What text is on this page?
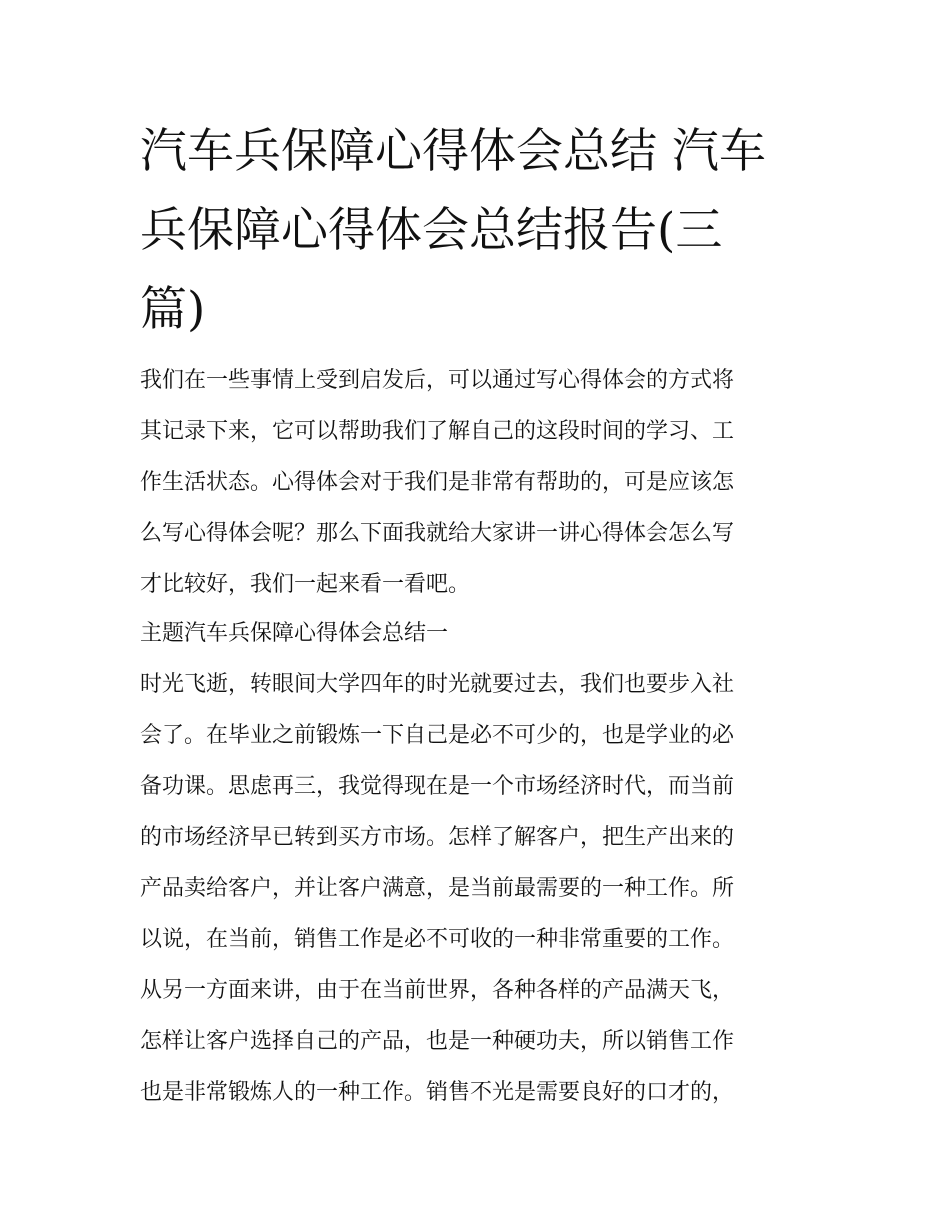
汽车兵保障心得体会总结 汽车
兵保障心得体会总结报告(三
篇)
我们在一些事情上受到启发后，可以通过写心得体会的方式将
其记录下来，它可以帮助我们了解自己的这段时间的学习、工
作生活状态。心得体会对于我们是非常有帮助的，可是应该怎
么写心得体会呢？那么下面我就给大家讲一讲心得体会怎么写
才比较好，我们一起来看一看吧。
主题汽车兵保障心得体会总结一
时光飞逝，转眼间大学四年的时光就要过去，我们也要步入社
会了。在毕业之前锻炼一下自己是必不可少的，也是学业的必
备功课。思虑再三，我觉得现在是一个市场经济时代，而当前
的市场经济早已转到买方市场。怎样了解客户，把生产出来的
产品卖给客户，并让客户满意，是当前最需要的一种工作。所
以说，在当前，销售工作是必不可收的一种非常重要的工作。
从另一方面来讲，由于在当前世界，各种各样的产品满天飞，
怎样让客户选择自己的产品，也是一种硬功夫，所以销售工作
也是非常锻炼人的一种工作。销售不光是需要良好的口才的，
